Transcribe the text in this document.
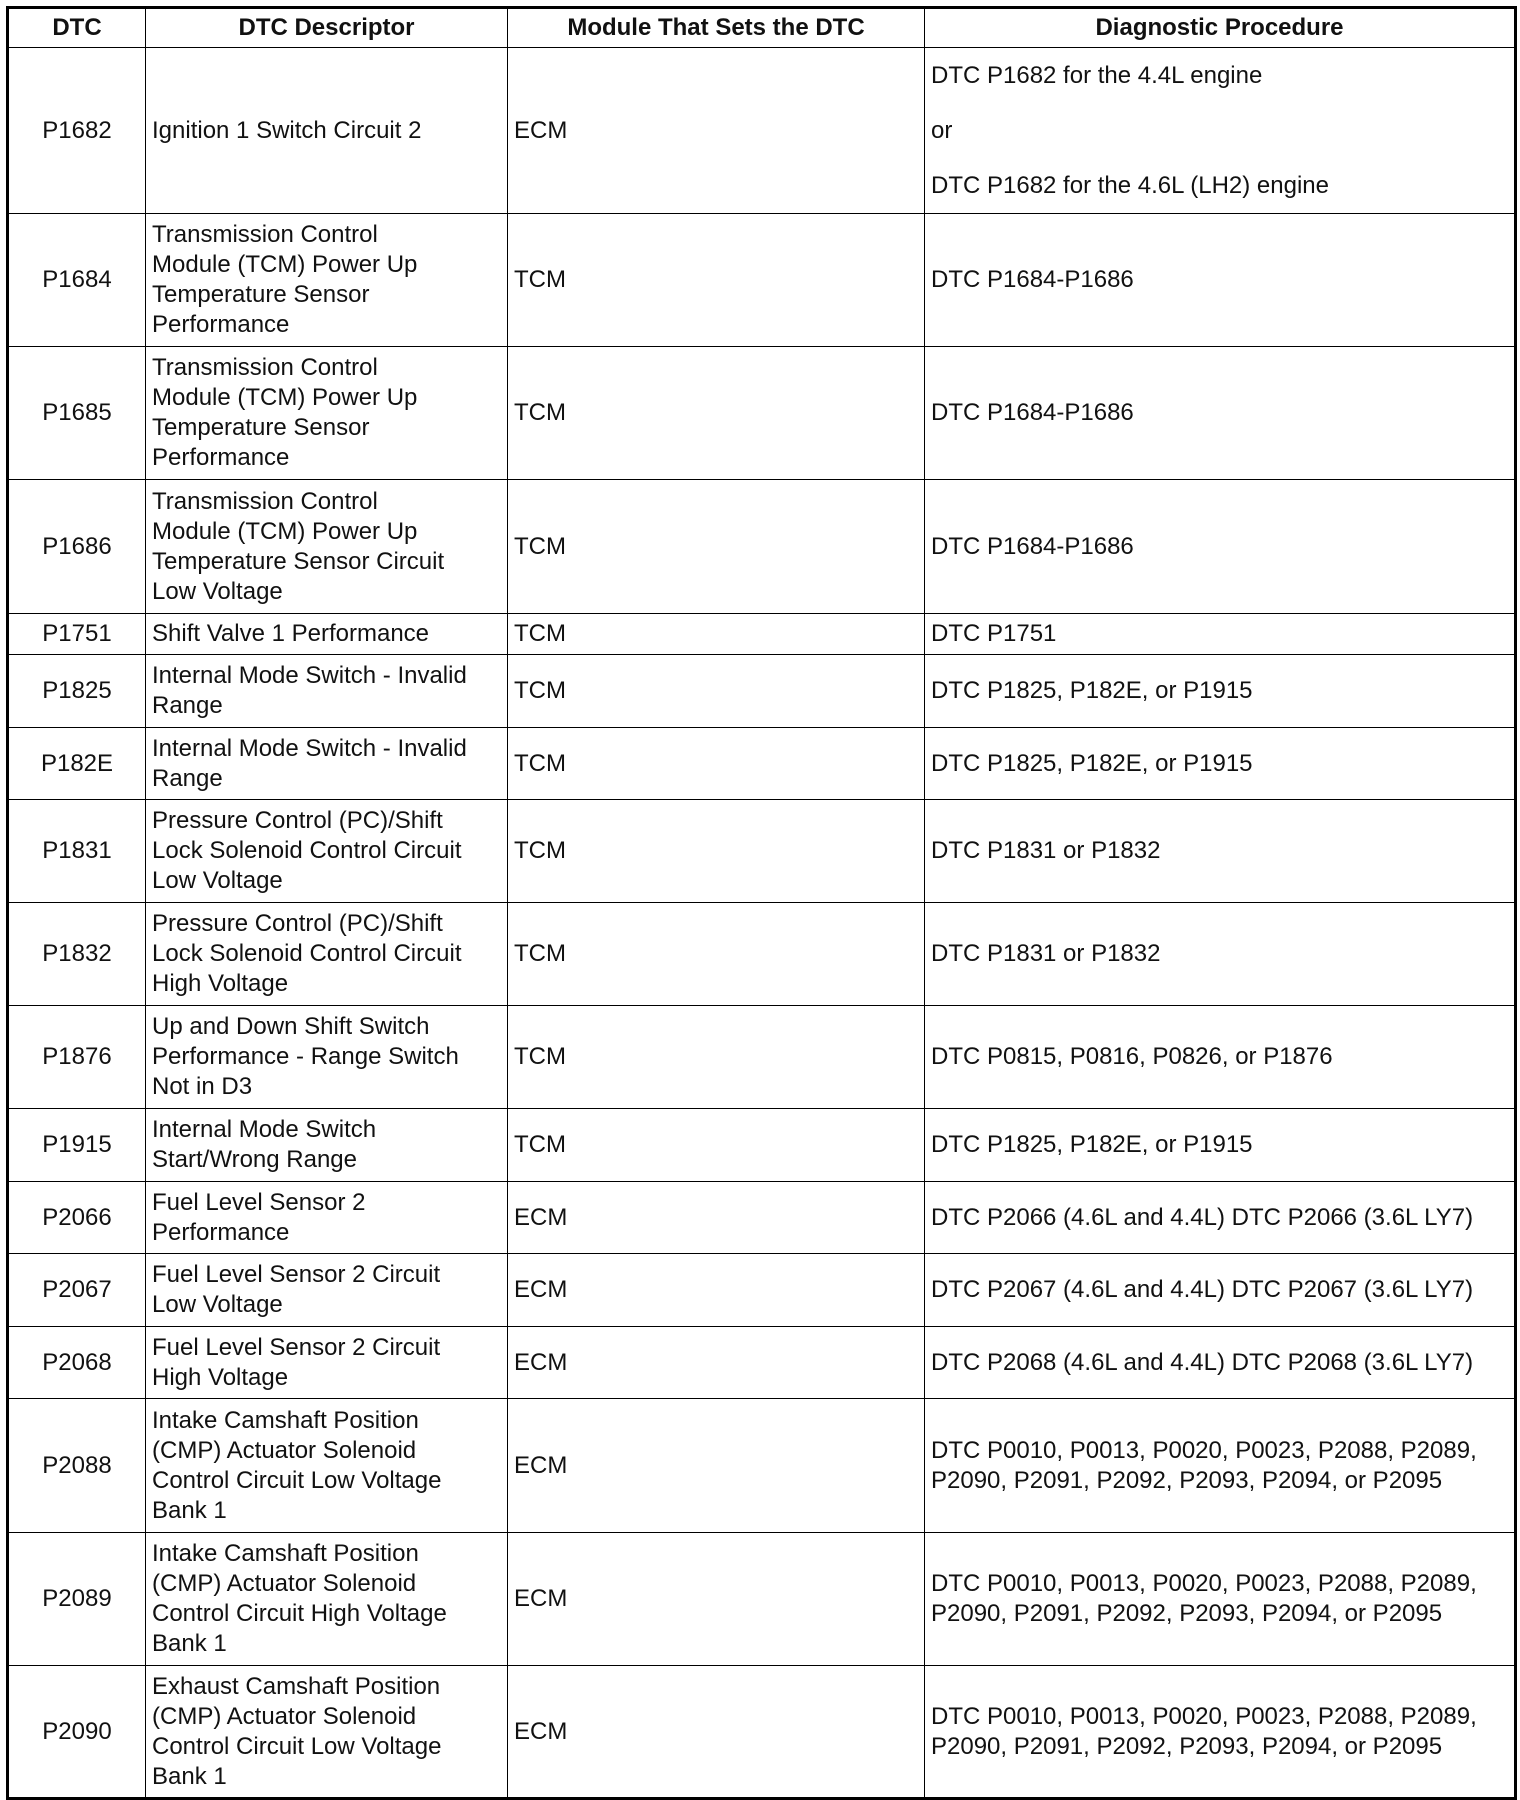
DTC	DTC Descriptor	Module That Sets the DTC	Diagnostic Procedure
P1682	Ignition 1 Switch Circuit 2	ECM	DTC P1682 for the 4.4L engine
or
DTC P1682 for the 4.6L (LH2) engine
P1684	Transmission Control
Module (TCM) Power Up
Temperature Sensor
Performance	TCM	DTC P1684-P1686
P1685	Transmission Control
Module (TCM) Power Up
Temperature Sensor
Performance	TCM	DTC P1684-P1686
P1686	Transmission Control
Module (TCM) Power Up
Temperature Sensor Circuit
Low Voltage	TCM	DTC P1684-P1686
P1751	Shift Valve 1 Performance	TCM	DTC P1751
P1825	Internal Mode Switch - Invalid
Range	TCM	DTC P1825, P182E, or P1915
P182E	Internal Mode Switch - Invalid
Range	TCM	DTC P1825, P182E, or P1915
P1831	Pressure Control (PC)/Shift
Lock Solenoid Control Circuit
Low Voltage	TCM	DTC P1831 or P1832
P1832	Pressure Control (PC)/Shift
Lock Solenoid Control Circuit
High Voltage	TCM	DTC P1831 or P1832
P1876	Up and Down Shift Switch
Performance - Range Switch
Not in D3	TCM	DTC P0815, P0816, P0826, or P1876
P1915	Internal Mode Switch
Start/Wrong Range	TCM	DTC P1825, P182E, or P1915
P2066	Fuel Level Sensor 2
Performance	ECM	DTC P2066 (4.6L and 4.4L) DTC P2066 (3.6L LY7)
P2067	Fuel Level Sensor 2 Circuit
Low Voltage	ECM	DTC P2067 (4.6L and 4.4L) DTC P2067 (3.6L LY7)
P2068	Fuel Level Sensor 2 Circuit
High Voltage	ECM	DTC P2068 (4.6L and 4.4L) DTC P2068 (3.6L LY7)
P2088	Intake Camshaft Position
(CMP) Actuator Solenoid
Control Circuit Low Voltage
Bank 1	ECM	DTC P0010, P0013, P0020, P0023, P2088, P2089,
P2090, P2091, P2092, P2093, P2094, or P2095
P2089	Intake Camshaft Position
(CMP) Actuator Solenoid
Control Circuit High Voltage
Bank 1	ECM	DTC P0010, P0013, P0020, P0023, P2088, P2089,
P2090, P2091, P2092, P2093, P2094, or P2095
P2090	Exhaust Camshaft Position
(CMP) Actuator Solenoid
Control Circuit Low Voltage
Bank 1	ECM	DTC P0010, P0013, P0020, P0023, P2088, P2089,
P2090, P2091, P2092, P2093, P2094, or P2095
